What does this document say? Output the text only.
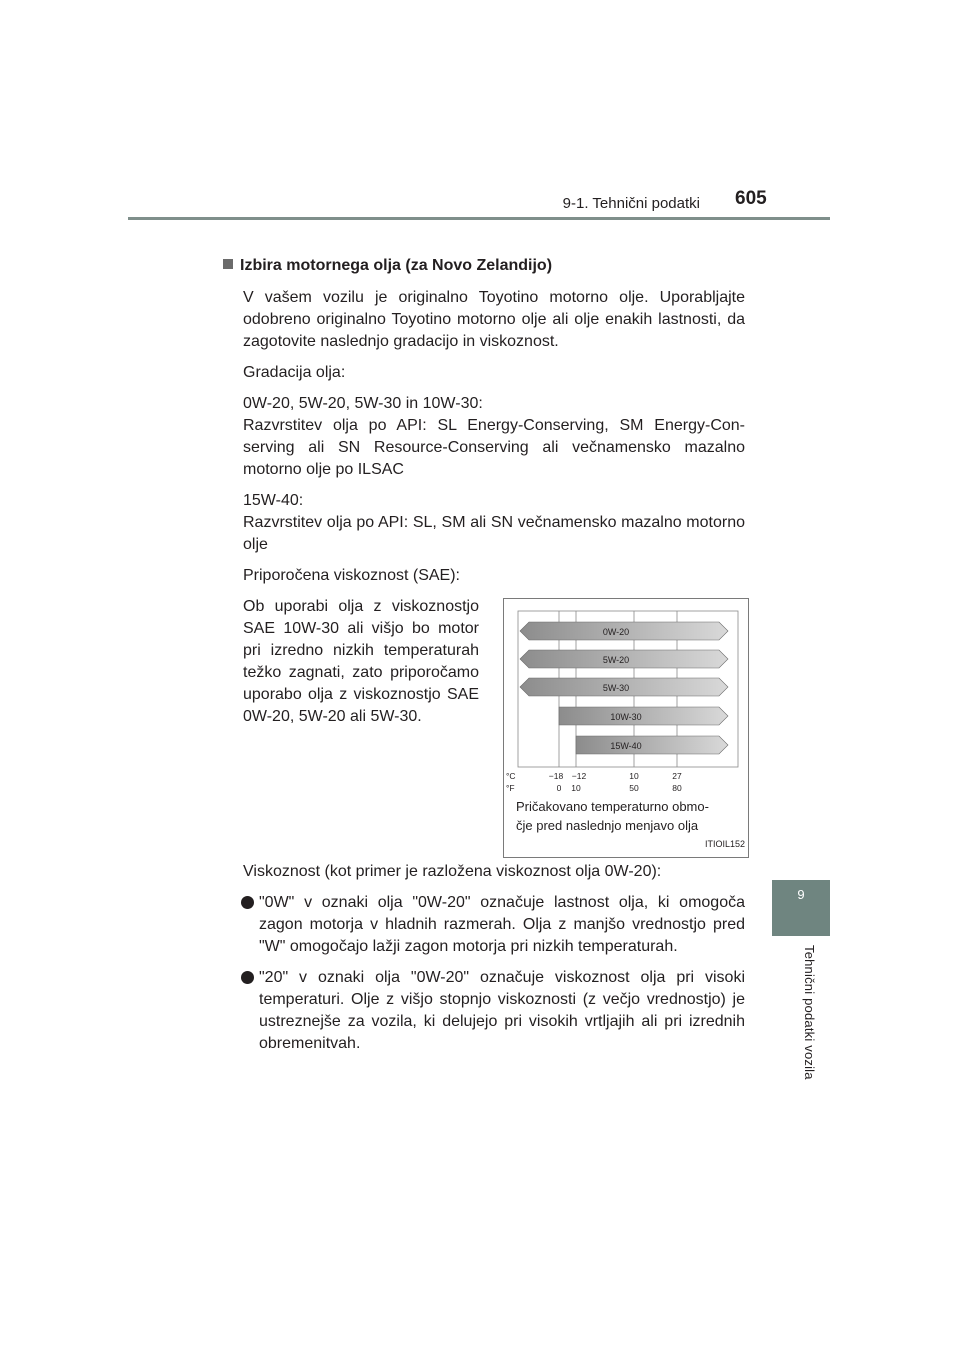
9-1. Tehnični podatki 605
9
Tehnični podatki vozila
Izbira motornega olja (za Novo Zelandijo)

V vašem vozilu je originalno Toyotino motorno olje. Uporabljajte odobreno originalno Toyotino motorno olje ali olje enakih lastnosti, da zagotovite naslednjo gradacijo in viskoznost.

Gradacija olja:

0W-20, 5W-20, 5W-30 in 10W-30:
Razvrstitev olja po API: SL Energy-Conserving, SM Energy-Conserving ali SN Resource-Conserving ali večnamensko mazalno motorno olje po ILSAC

15W-40:
Razvrstitev olja po API: SL, SM ali SN večnamensko mazalno motorno olje

Priporočena viskoznost (SAE):

Ob uporabi olja z viskoznostjo SAE 10W-30 ali višjo bo motor pri izredno nizkih temperaturah težko zagnati, zato priporočamo uporabo olja z viskoznostjo SAE 0W-20, 5W-20 ali 5W-30.
0W-20
5W-20
5W-30
10W-30
15W-40
°C
°F
−18 −12	10	27
0 10	50	80
Pričakovano temperaturno obmo-
čje pred naslednjo menjavo olja
ITIOIL152

Viskoznost (kot primer je razložena viskoznost olja 0W-20):

"0W" v oznaki olja "0W-20" označuje lastnost olja, ki omogoča zagon motorja v hladnih razmerah. Olja z manjšo vrednostjo pred "W" omogočajo lažji zagon motorja pri nizkih temperaturah.
"20" v oznaki olja "0W-20" označuje viskoznost olja pri visoki temperaturi. Olje z višjo stopnjo viskoznosti (z večjo vrednostjo) je ustreznejše za vozila, ki delujejo pri visokih vrtljajih ali pri izrednih obremenitvah.
